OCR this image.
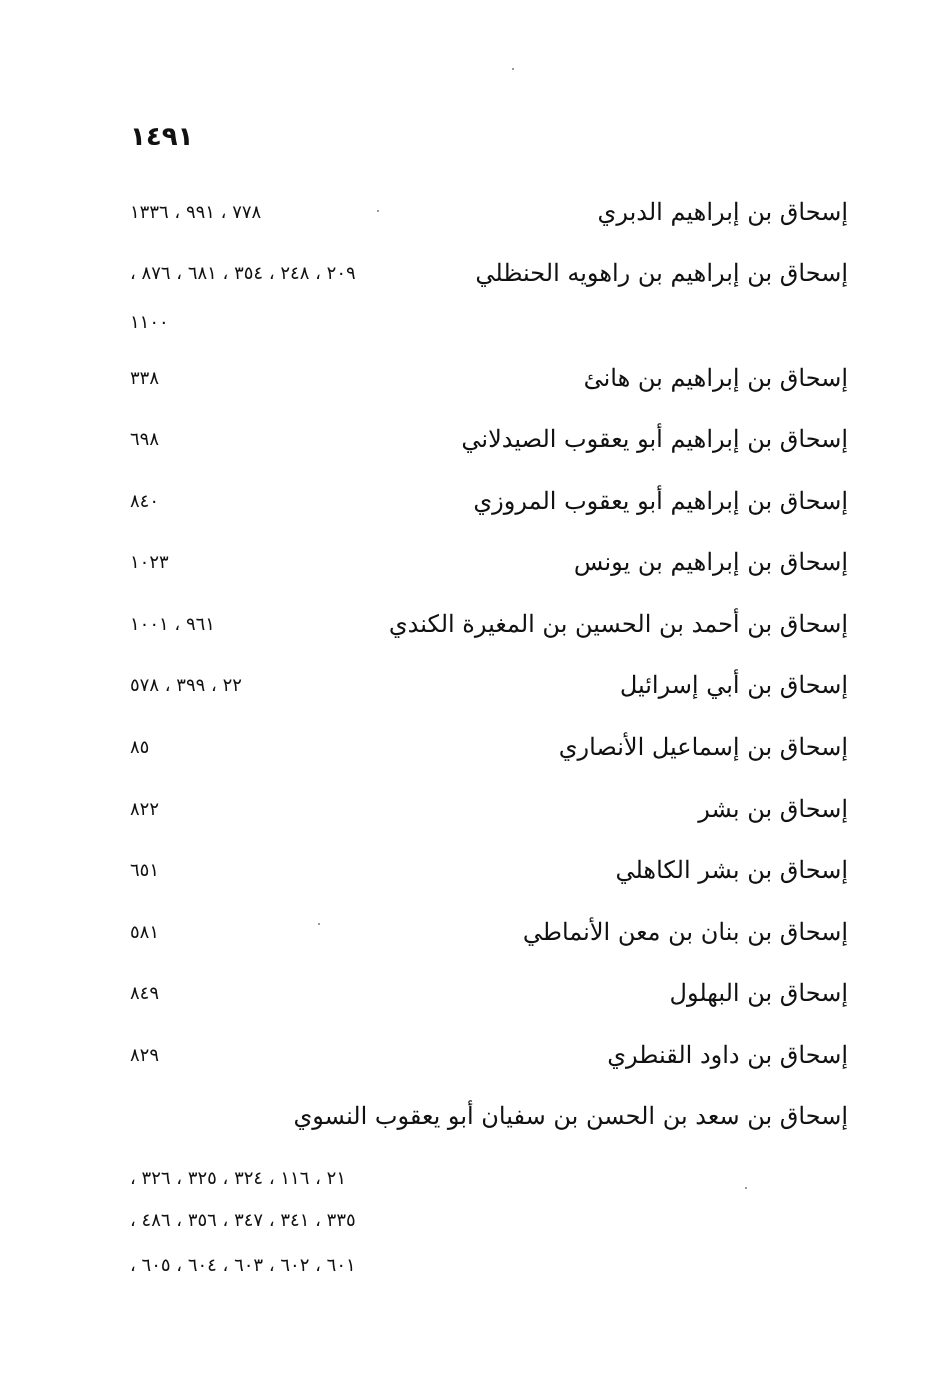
١٤٩١
إسحاق بن إبراهيم الدبري
٧٧٨ ، ٩٩١ ، ١٣٣٦
إسحاق بن إبراهيم بن راهويه الحنظلي
٢٠٩ ، ٢٤٨ ، ٣٥٤ ، ٦٨١ ، ٨٧٦ ،
١١٠٠
إسحاق بن إبراهيم بن هانئ
٣٣٨
إسحاق بن إبراهيم أبو يعقوب الصيدلاني
٦٩٨
إسحاق بن إبراهيم أبو يعقوب المروزي
٨٤٠
إسحاق بن إبراهيم بن يونس
١٠٢٣
إسحاق بن أحمد بن الحسين بن المغيرة الكندي
٩٦١ ، ١٠٠١
إسحاق بن أبي إسرائيل
٢٢ ، ٣٩٩ ، ٥٧٨
إسحاق بن إسماعيل الأنصاري
٨٥
إسحاق بن بشر
٨٢٢
إسحاق بن بشر الكاهلي
٦٥١
إسحاق بن بنان بن معن الأنماطي
٥٨١
إسحاق بن البهلول
٨٤٩
إسحاق بن داود القنطري
٨٢٩
إسحاق بن سعد بن الحسن بن سفيان أبو يعقوب النسوي
٢١ ، ١١٦ ، ٣٢٤ ، ٣٢٥ ، ٣٢٦ ،
٣٣٥ ، ٣٤١ ، ٣٤٧ ، ٣٥٦ ، ٤٨٦ ،
٦٠١ ، ٦٠٢ ، ٦٠٣ ، ٦٠٤ ، ٦٠٥ ،
